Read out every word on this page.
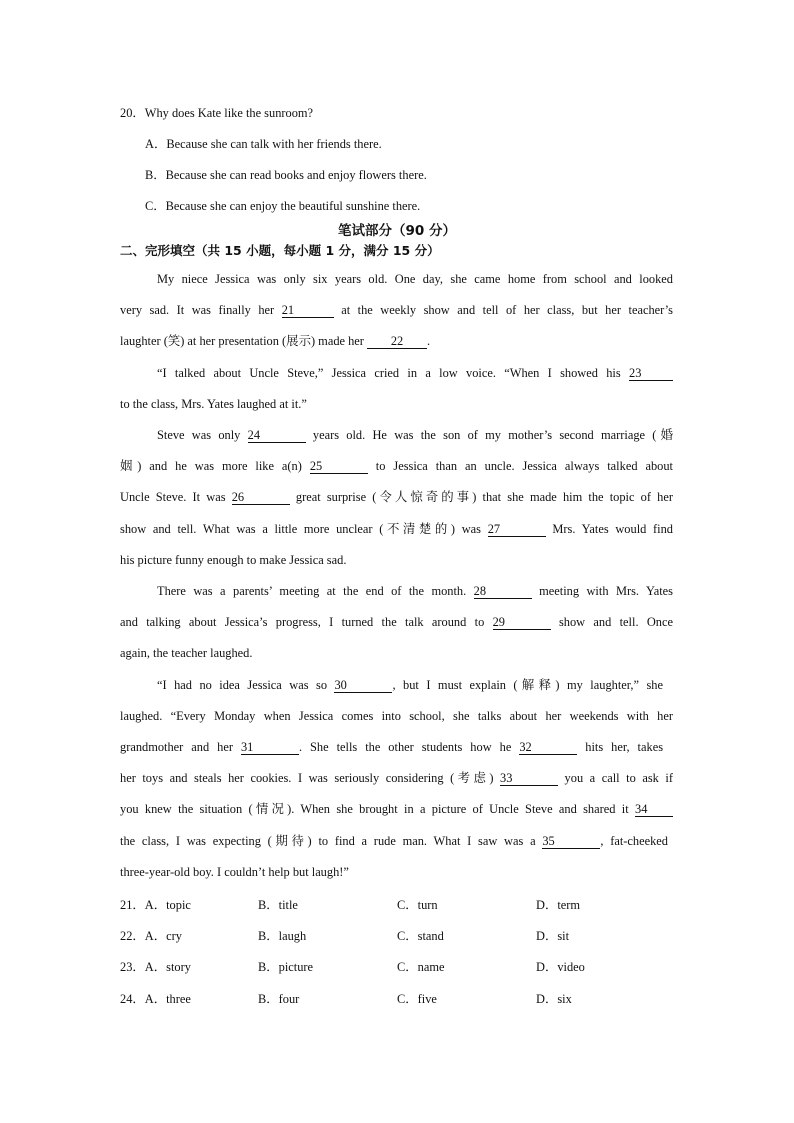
20．Why does Kate like the sunroom?
A．Because she can talk with her friends there.
B．Because she can read books and enjoy flowers there.
C．Because she can enjoy the beautiful sunshine there.
笔试部分（90 分）
二、完形填空（共 15 小题，每小题 1 分，满分 15 分）
My niece Jessica was only six years old. One day, she came home from school and looked
very sad. It was finally her 21	at the weekly show and tell of her class, but her teacher’s
laughter (笑) at her presentation (展示) made her 22 .
“I talked about Uncle Steve,” Jessica cried in a low voice. “When I showed his 23
to the class, Mrs. Yates laughed at it.”
Steve was only 24	years old. He was the son of my mother’s second marriage (婚
姻) and he was more like a(n) 25	to Jessica than an uncle. Jessica always talked about
Uncle Steve. It was 26	great surprise (令人惊奇的事) that she made him the topic of her
show and tell. What was a little more unclear (不清楚的) was 27	Mrs. Yates would find
his picture funny enough to make Jessica sad.
There was a parents’ meeting at the end of the month. 28	meeting with Mrs. Yates
and talking about Jessica’s progress, I turned the talk around to 29	show and tell. Once
again, the teacher laughed.
“I had no idea Jessica was so 30	, but I must explain (解释) my laughter,” she
laughed. “Every Monday when Jessica comes into school, she talks about her weekends with her
grandmother and her 31	. She tells the other students how he 32	hits her, takes
her toys and steals her cookies. I was seriously considering (考虑) 33	you a call to ask if
you knew the situation (情况). When she brought in a picture of Uncle Steve and shared it 34
the class, I was expecting (期待) to find a rude man. What I saw was a 35	, fat-cheeked
three-year-old boy. I couldn’t help but laugh!”
21．A．topic	B．title	C．turn	D．term
22．A．cry	B．laugh	C．stand	D．sit
23．A．story	B．picture	C．name	D．video
24．A．three	B．four	C．five	D．six
